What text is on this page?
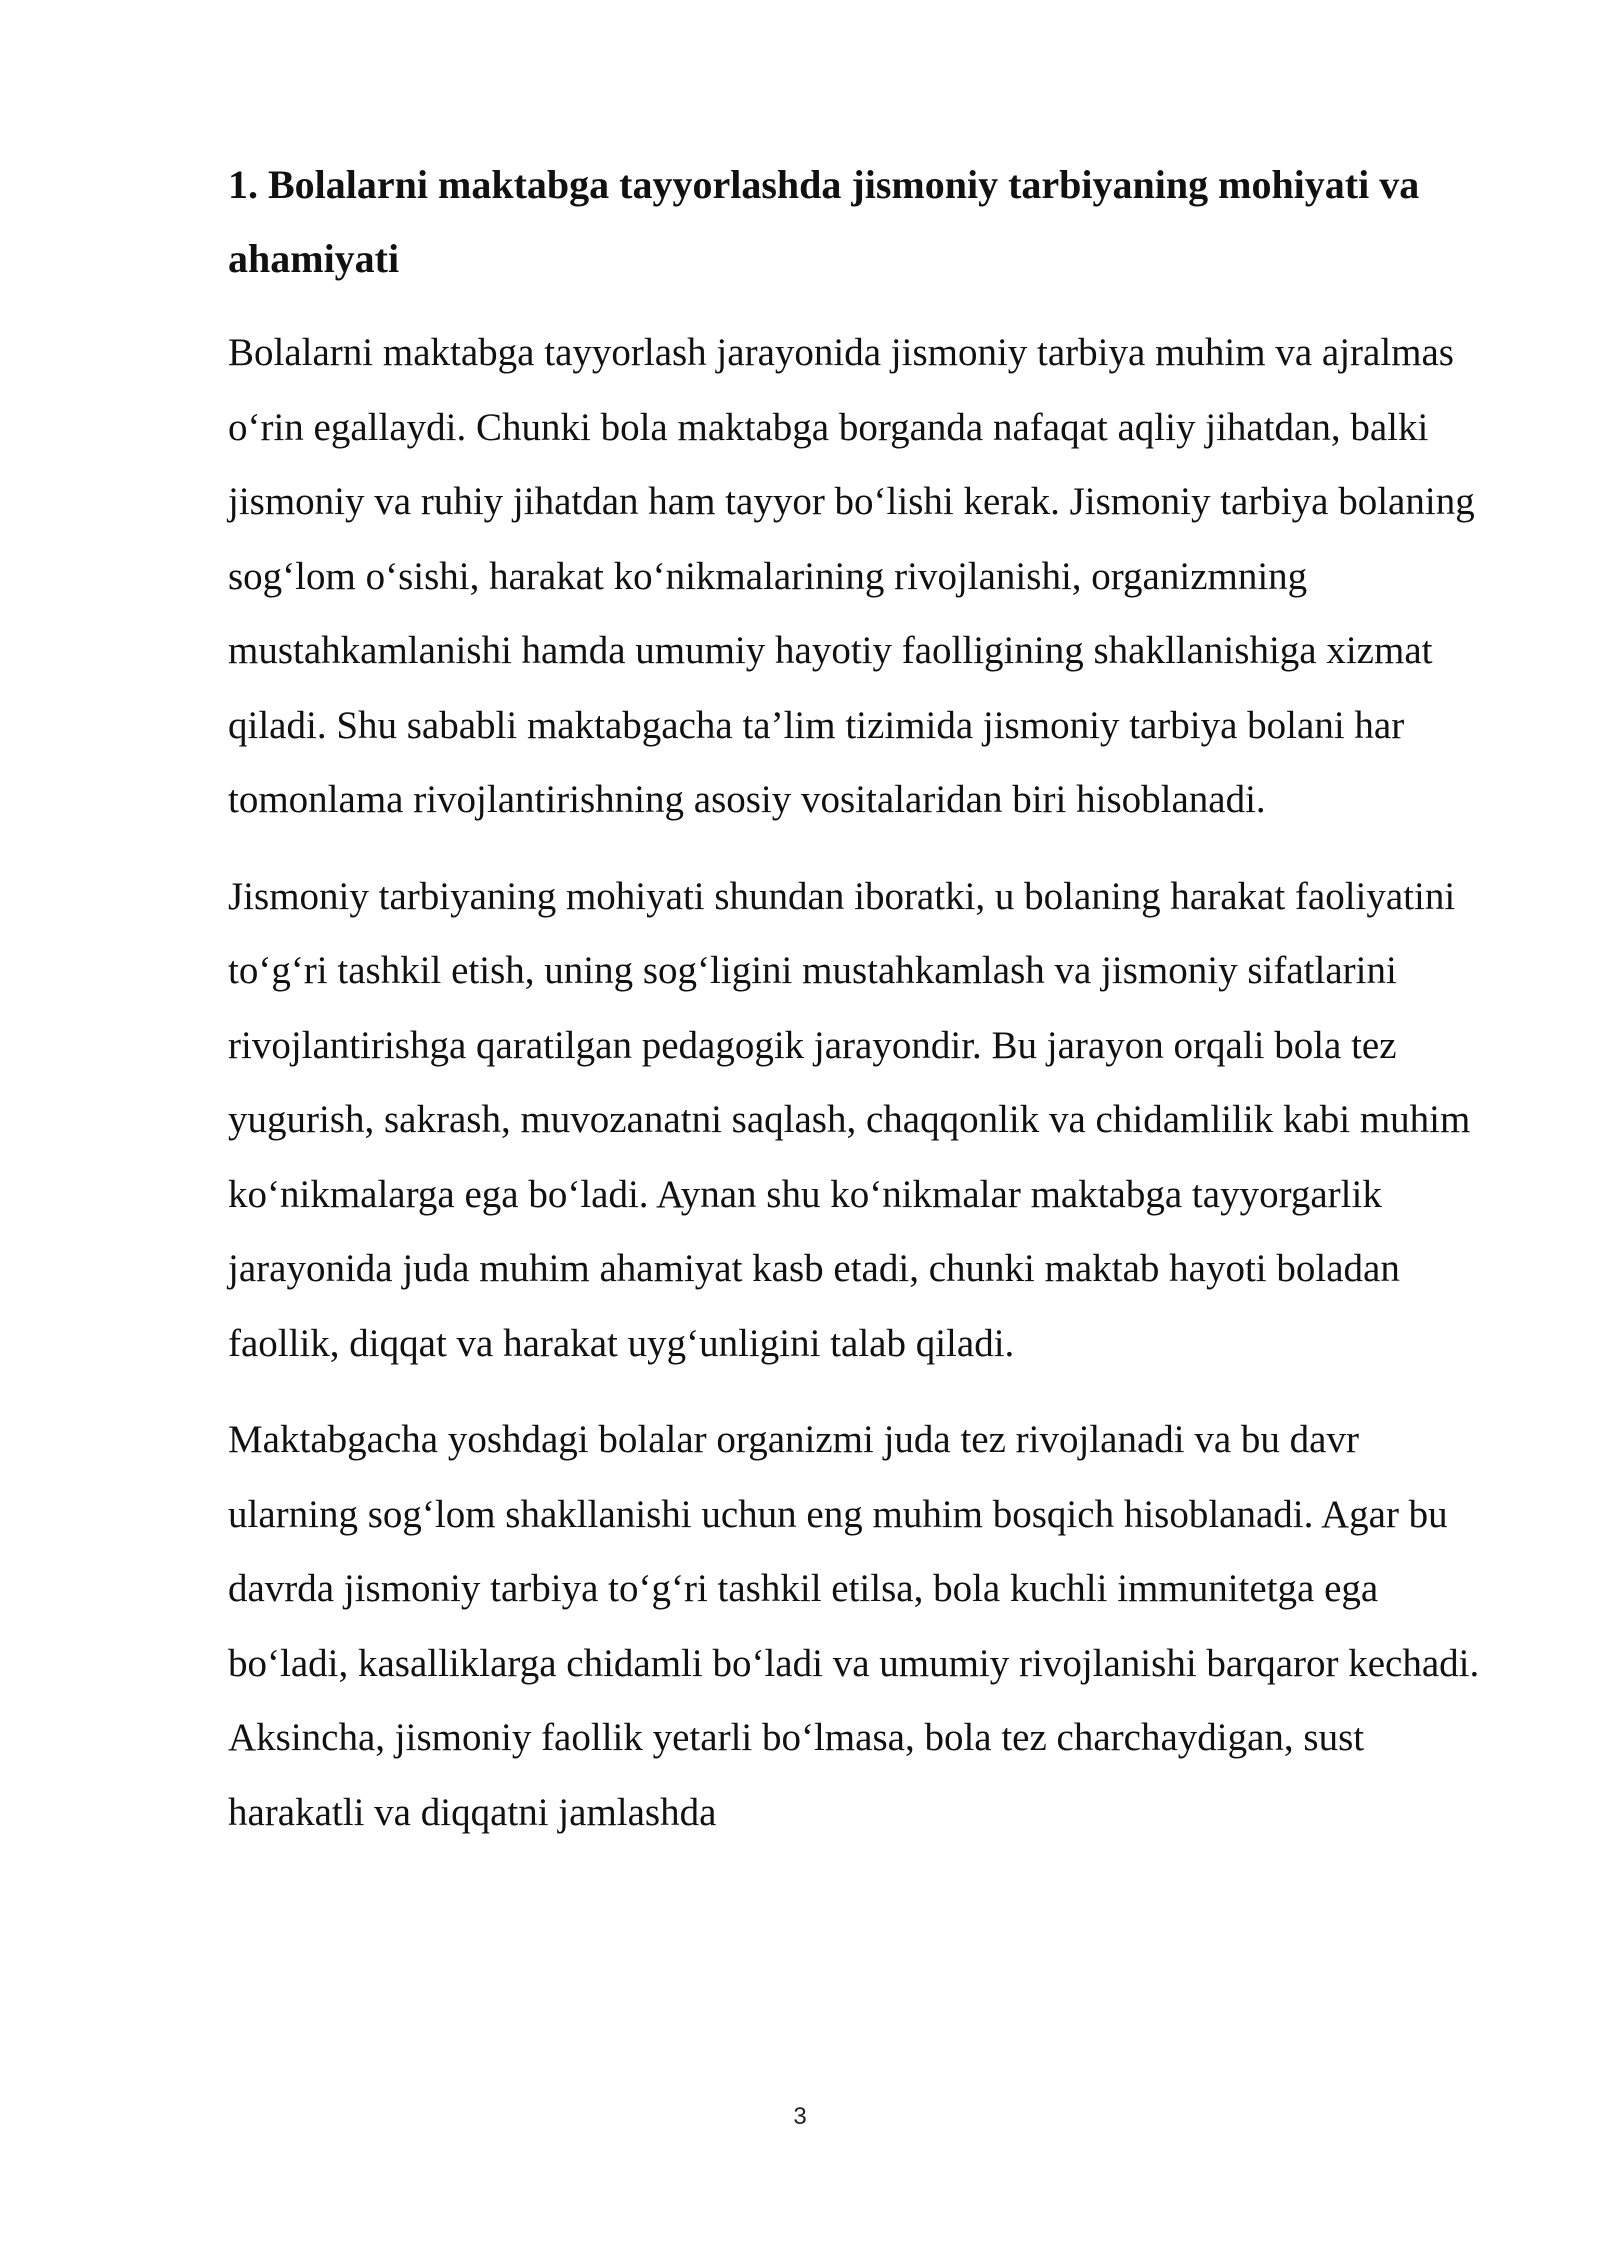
1. Bolalarni maktabga tayyorlashda jismoniy tarbiyaning mohiyati va ahamiyati

Bolalarni maktabga tayyorlash jarayonida jismoniy tarbiya muhim va ajralmas o‘rin egallaydi. Chunki bola maktabga borganda nafaqat aqliy jihatdan, balki jismoniy va ruhiy jihatdan ham tayyor bo‘lishi kerak. Jismoniy tarbiya bolaning sog‘lom o‘sishi, harakat ko‘nikmalarining rivojlanishi, organizmning mustahkamlanishi hamda umumiy hayotiy faolligining shakllanishiga xizmat qiladi. Shu sababli maktabgacha ta’lim tizimida jismoniy tarbiya bolani har tomonlama rivojlantirishning asosiy vositalaridan biri hisoblanadi.

Jismoniy tarbiyaning mohiyati shundan iboratki, u bolaning harakat faoliyatini to‘g‘ri tashkil etish, uning sog‘ligini mustahkamlash va jismoniy sifatlarini rivojlantirishga qaratilgan pedagogik jarayondir. Bu jarayon orqali bola tez yugurish, sakrash, muvozanatni saqlash, chaqqonlik va chidamlilik kabi muhim ko‘nikmalarga ega bo‘ladi. Aynan shu ko‘nikmalar maktabga tayyorgarlik jarayonida juda muhim ahamiyat kasb etadi, chunki maktab hayoti boladan faollik, diqqat va harakat uyg‘unligini talab qiladi.

Maktabgacha yoshdagi bolalar organizmi juda tez rivojlanadi va bu davr ularning sog‘lom shakllanishi uchun eng muhim bosqich hisoblanadi. Agar bu davrda jismoniy tarbiya to‘g‘ri tashkil etilsa, bola kuchli immunitetga ega bo‘ladi, kasalliklarga chidamli bo‘ladi va umumiy rivojlanishi barqaror kechadi. Aksincha, jismoniy faollik yetarli bo‘lmasa, bola tez charchaydigan, sust harakatli va diqqatni jamlashda

3
